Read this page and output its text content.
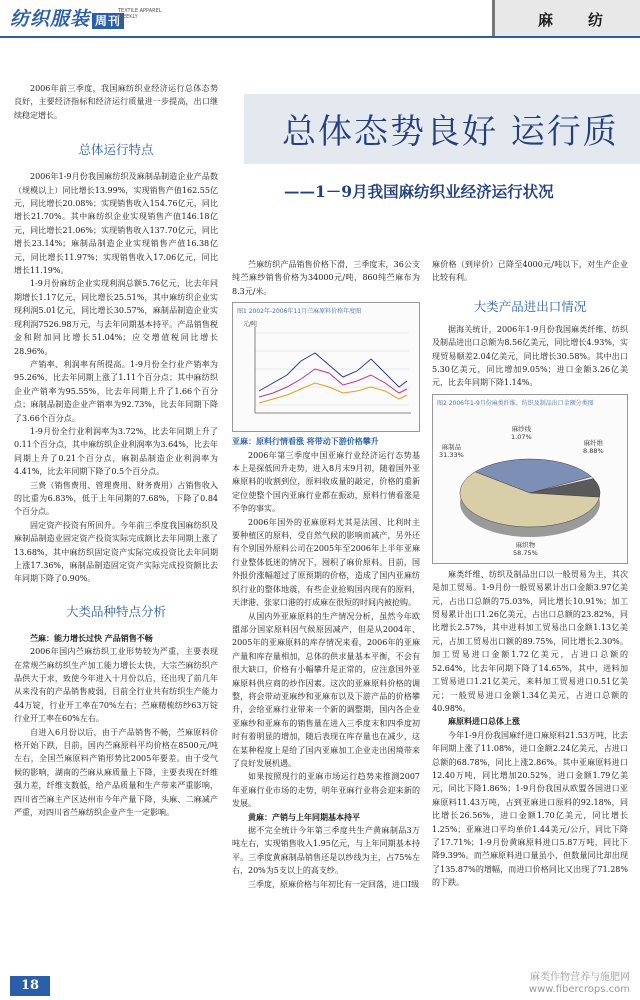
纺织服装 周刊
TEXTILE APPAREL WEEKLY	麻 纺
总体态势良好 运行质
——1－9月我国麻纺织业经济运行状况

2006年前三季度，我国麻纺织业经济运行总体态势良好，主要经济指标和经济运行质量进一步提高，出口继续稳定增长。

总体运行特点

2006年1-9月份我国麻纺织及麻制品制造企业产品数（规模以上）同比增长13.99%，实现销售产值162.55亿元，同比增长20.08%；实现销售收入154.76亿元，同比增长21.70%。其中麻纺织企业实现销售产值146.18亿元，同比增长21.06%；实现销售收入137.70亿元，同比增长23.14%；麻制品制造企业实现销售产值16.38亿元，同比增长11.97%；实现销售收入17.06亿元，同比增长11.19%。

1-9月份麻纺企业实现利润总额5.76亿元，比去年同期增长1.17亿元，同比增长25.51%，其中麻纺织企业实现利润5.01亿元，同比增长30.57%，麻制品制造企业实现利润7526.98万元，与去年同期基本持平。产品销售税金和附加同比增长51.04%；应交增值税同比增长28.96%。

产销率、利润率有所提高。1-9月份全行业产销率为95.26%，比去年同期上涨了1.11个百分点；其中麻纺织企业产销率为95.55%，比去年同期上升了1.66个百分点；麻制品制造企业产销率为92.73%，比去年同期下降了3.66个百分点。

1-9月份全行业利润率为3.72%，比去年同期上升了0.11个百分点，其中麻纺织企业利润率为3.64%，比去年同期上升了0.21个百分点，麻制品制造企业利润率为4.41%，比去年同期下降了0.5个百分点。

三费（销售费用、管理费用、财务费用）占销售收入的比重为6.83%，低于上年同期的7.68%，下降了0.84个百分点。

固定资产投资有所回升。今年前三季度我国麻纺织及麻制品制造业固定资产投资实际完成额比去年同期上涨了13.68%，其中麻纺织固定资产实际完成投资比去年同期上涨17.36%，麻制品制造固定资产实际完成投资额比去年同期下降了0.90%。

大类品种特点分析

苎麻：能力增长过快 产品销售不畅

2006年国内苎麻纺织工业形势较为严重，主要表现在常规苎麻纺织生产加工能力增长太快，大宗苎麻纺织产品供大于求，致使今年进入十月份以后，还出现了前几年从来没有的产品销售疲弱，目前全行业共有纺织生产能力44万锭，行业开工率在70%左右；苎麻精梳纺纱63万锭行业开工率在60%左右。

自进入6月份以后，由于产品销售不畅，苎麻原料价格开始下跌，目前，国内苎麻原料平均价格在8500元/吨左右，全国苎麻原料产销形势比2005年要差。由于受气候的影响，湖南的苎麻从麻质量上下降，主要表现在纤维强力差，纤维支数低，给产品质量和生产带来严重影响，四川省苎麻主产区达州市今年产量下降，头麻、二麻减产严重，对四川省苎麻纺织企业产生一定影响。

苎麻纺织产品销售价格下滑，三季度末，36公支纯苎麻纱销售价格为34000元/吨，860纯苎麻布为8.3元/米。

图1 2002年-2006年11月苎麻原料价格年度图
元/吨

亚麻：原料行情看涨 将带动下游价格攀升

2006年第三季度中国亚麻行业经济运行态势基本上是探低回升走势，进入8月末9月初，随着国外亚麻原料的收割到位，原料收成量的敲定，价格的重新定位使整个国内亚麻行业都在振动，原料行情看涨是不争的事实。

2006年国外的亚麻原料尤其是法国、比利时主要种植区的原料，受自然气候的影响而减产，另外还有个别国外原料公司在2005年至2006年上半年亚麻行业整体低迷的情况下，囤积了麻价原料。目前，国外报价涨幅超过了原预期的价格，造成了国内亚麻纺织行业的整体地震，有些企业抢购国内现有的原料，天津港、张家口港的打成麻在很短的时间内被抢购。

从国内外亚麻原料的生产情况分析，虽然今年欧盟部分国家原料因气候原因减产，但是从2004年、2005年的亚麻原料的库存情况来看，2006年的亚麻产量和库存量相加，总体的供求量基本平衡，不会有很大缺口，价格有小幅攀升是正常的，应注意国外亚麻原料供应商的炒作因素。这次的亚麻原料价格的调整，将会带动亚麻纱和亚麻布以及下游产品的价格攀升，会给亚麻行业带来一个新的调整期，国内各企业亚麻纱和亚麻布的销售量在进入三季度末和四季度初时有着明显的增加，随后表现在库存量也在减少，这在某种程度上是给了国内亚麻加工企业走出困境带来了良好发展机遇。

如果按照现行的亚麻市场运行趋势来推测2007年亚麻行业市场的走势，明年亚麻行业将会迎来新的发展。

黄麻：产销与上年同期基本持平

据不完全统计今年第三季度共生产黄麻制品3万吨左右，实现销售收入1.95亿元，与上年同期基本持平。三季度黄麻制品销售还是以纱线为主，占75%左右，20%为5支以上的高支纱。

三季度，原麻价格与年初比有一定回落，进口Ⅰ级

麻价格（到岸价）已降至4000元/吨以下，对生产企业比较有利。

大类产品进出口情况

据海关统计，2006年1-9月份我国麻类纤维、纺织及制品进出口总额为8.56亿美元，同比增长4.93%，实现贸易顺差2.04亿美元，同比增长30.58%。其中出口5.30亿美元，同比增加9.05%；进口金额3.26亿美元，比去年同期下降1.14%。

图2 2006年1-9月份麻类纤维、纺织及制品出口金额分类图
麻制品
31.33%
麻纱线
1.07%
麻纤维
8.88%
麻织物
58.75%

麻类纤维、纺织及制品出口以一般贸易为主，其次是加工贸易。1-9月份一般贸易累计出口金额3.97亿美元，占出口总额的75.03%，同比增长10.91%；加工贸易累计出口1.26亿美元，占出口总额的23.82%，同比增长2.57%，其中进料加工贸易出口金额1.13亿美元，占加工贸易出口额的89.75%，同比增长2.30%。加工贸易进口金额1.72亿美元，占进口总额的52.64%，比去年同期下降了14.65%，其中，进料加工贸易进口1.21亿美元，来料加工贸易进口0.51亿美元；一般贸易进口金额1.34亿美元，占进口总额的40.98%。

麻原料进口总体上涨

今年1-9月份我国麻纤进口麻原料21.53万吨，比去年同期上涨了11.08%，进口金额2.24亿美元，占进口总额的68.78%，同比上涨2.86%。其中亚麻原料进口12.40万吨，同比增加20.52%，进口金额1.79亿美元，同比下降1.86%；1-9月份我国从欧盟各国进口亚麻原料11.43万吨，占到亚麻进口原料的92.18%，同比增长26.56%，进口金额1.70亿美元，同比增长1.25%；亚麻进口平均单价1.44美元/公斤，同比下降了17.71%；1-9月份黄麻原料进口5.87万吨，同比下降9.39%。而苎麻原料进口量虽小，但数量同比却出现了135.87%的增幅，而进口价格同比又出现了71.28%的下跌。

18
麻类作物营养与施肥网
www.fibercrops.com
